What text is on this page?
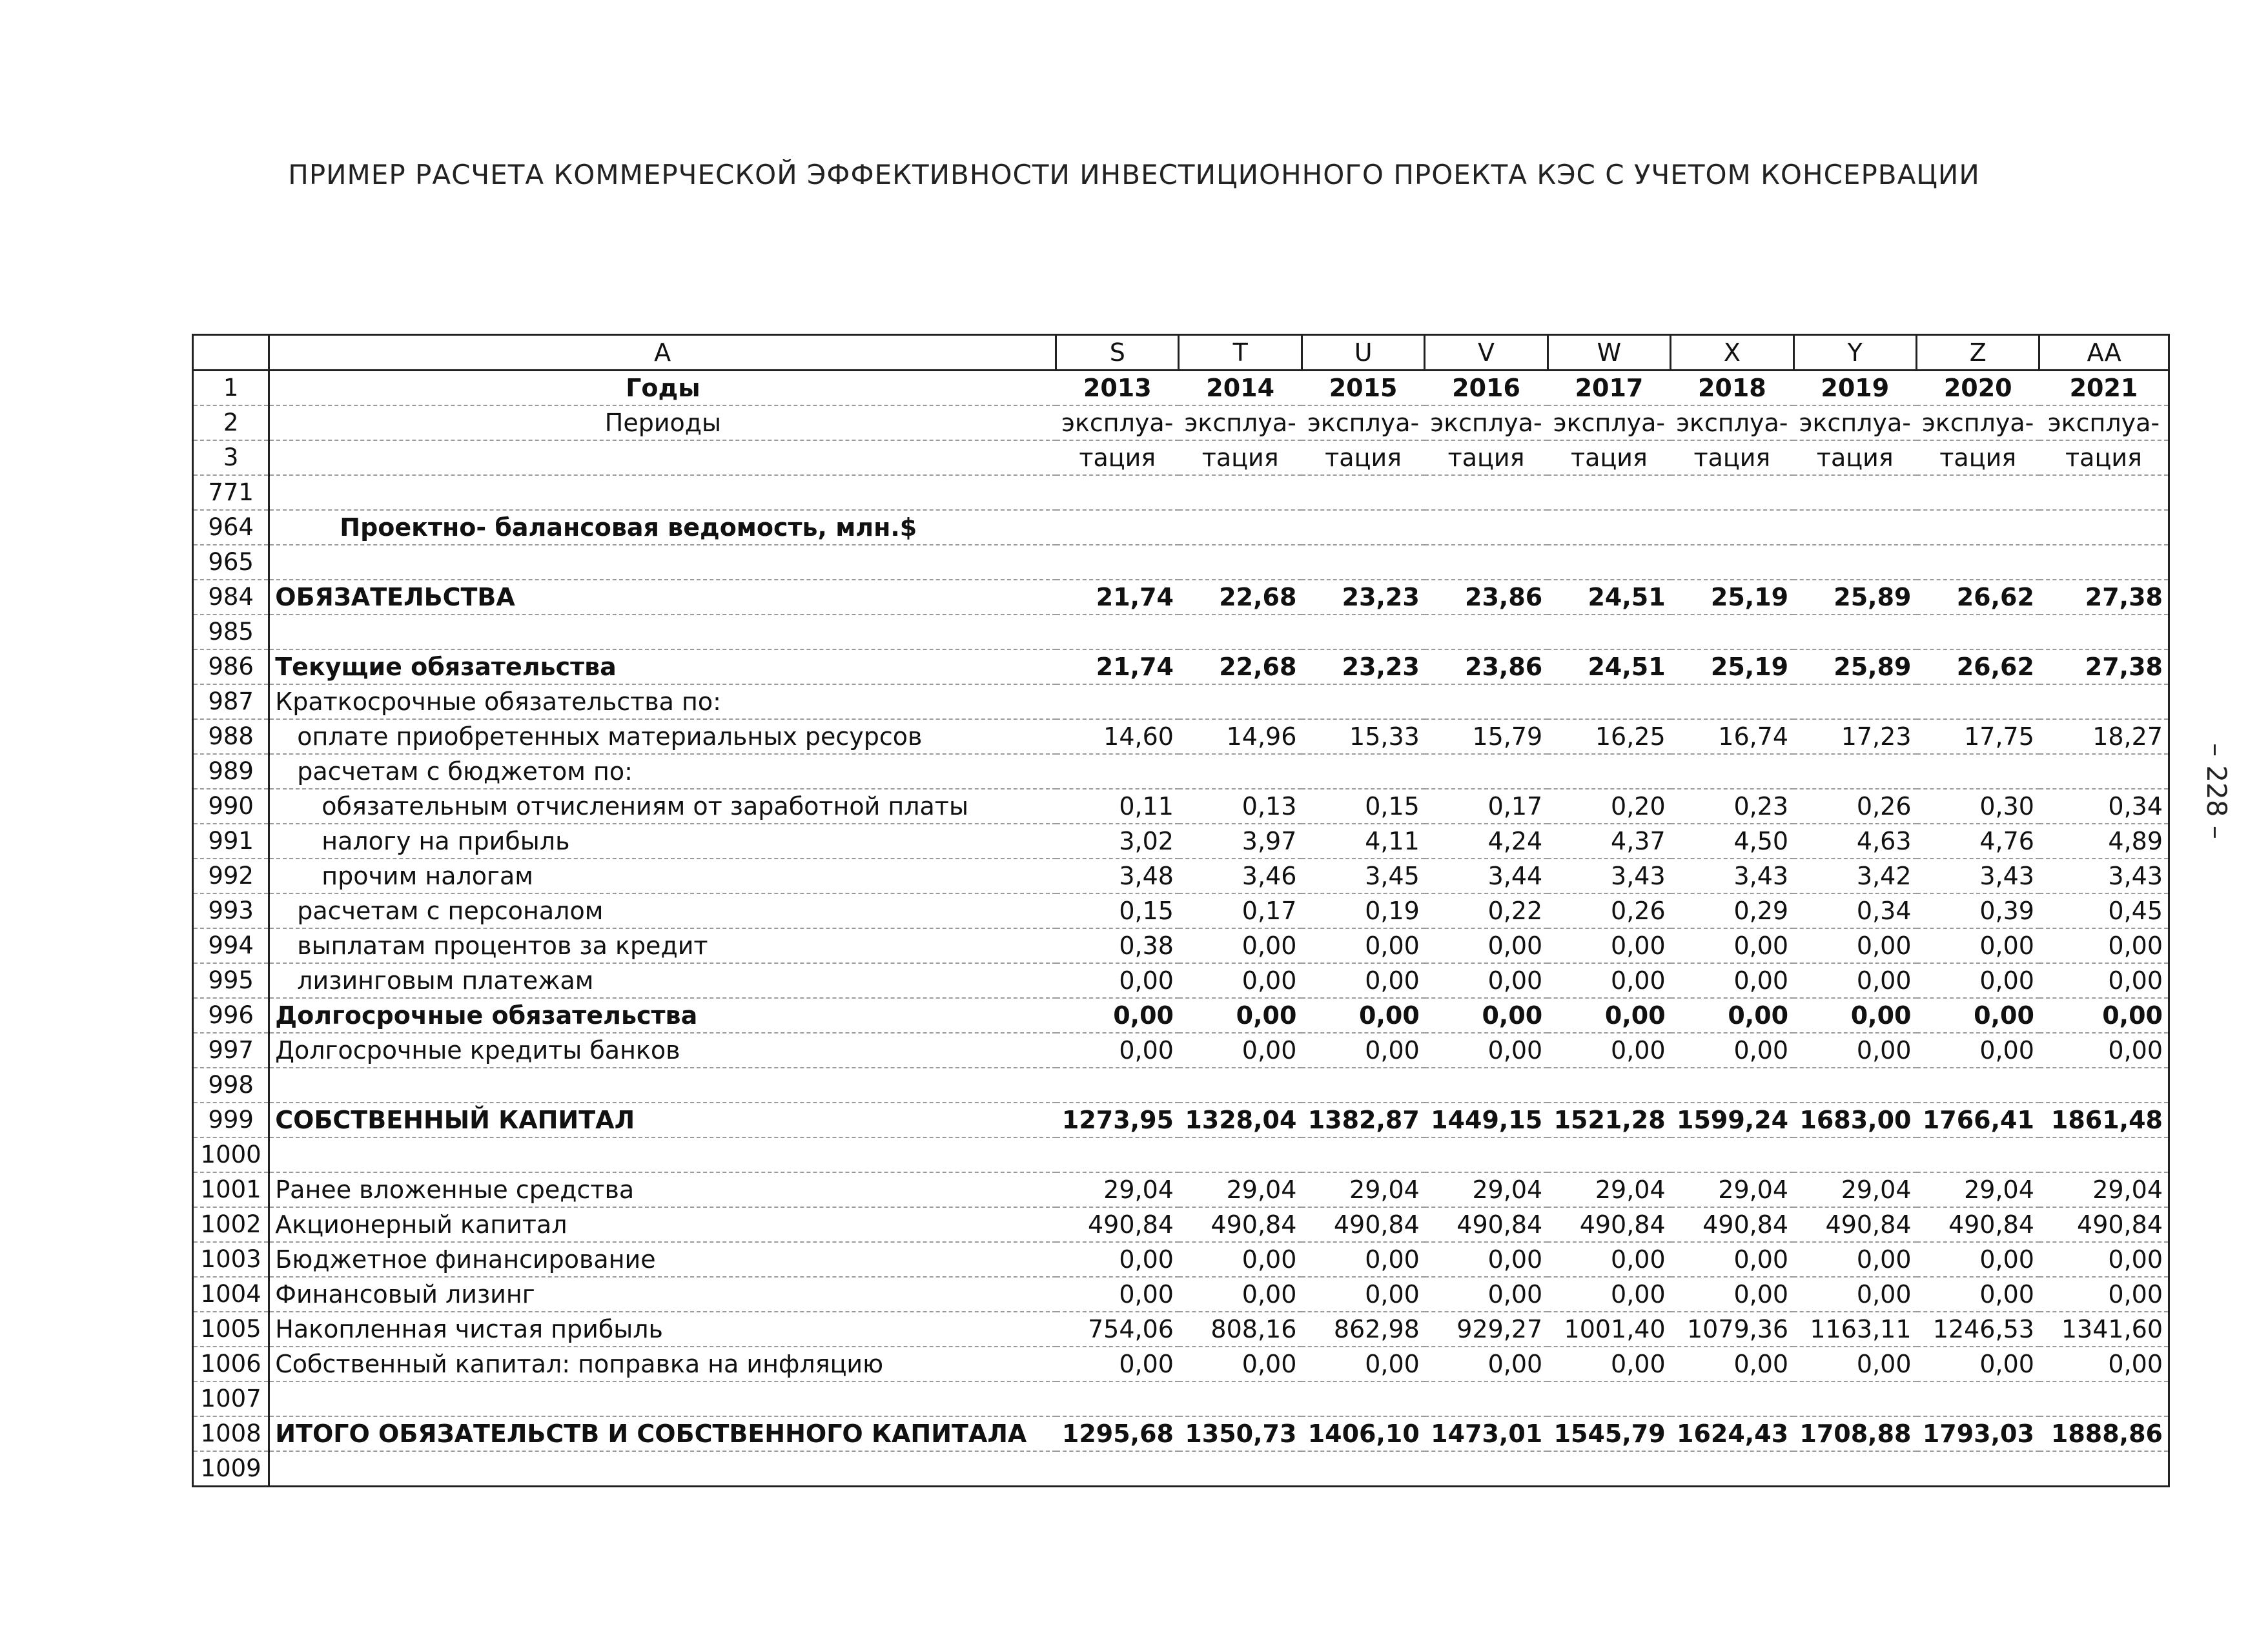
ПРИМЕР РАСЧЕТА КОММЕРЧЕСКОЙ ЭФФЕКТИВНОСТИ ИНВЕСТИЦИОННОГО ПРОЕКТА КЭС С УЧЕТОМ КОНСЕРВАЦИИ
– 228 –
	A	S	T	U	V	W	X	Y	Z	AA
1	Годы	2013	2014	2015	2016	2017	2018	2019	2020	2021
2	Периоды	эксплуа-	эксплуа-	эксплуа-	эксплуа-	эксплуа-	эксплуа-	эксплуа-	эксплуа-	эксплуа-
3		тация	тация	тация	тация	тация	тация	тация	тация	тация
771										
964	Проектно- балансовая ведомость, млн.$									
965										
984	ОБЯЗАТЕЛЬСТВА	21,74	22,68	23,23	23,86	24,51	25,19	25,89	26,62	27,38
985										
986	Текущие обязательства	21,74	22,68	23,23	23,86	24,51	25,19	25,89	26,62	27,38
987	Краткосрочные обязательства по:									
988	оплате приобретенных материальных ресурсов	14,60	14,96	15,33	15,79	16,25	16,74	17,23	17,75	18,27
989	расчетам с бюджетом по:									
990	обязательным отчислениям от заработной платы	0,11	0,13	0,15	0,17	0,20	0,23	0,26	0,30	0,34
991	налогу на прибыль	3,02	3,97	4,11	4,24	4,37	4,50	4,63	4,76	4,89
992	прочим налогам	3,48	3,46	3,45	3,44	3,43	3,43	3,42	3,43	3,43
993	расчетам с персоналом	0,15	0,17	0,19	0,22	0,26	0,29	0,34	0,39	0,45
994	выплатам процентов за кредит	0,38	0,00	0,00	0,00	0,00	0,00	0,00	0,00	0,00
995	лизинговым платежам	0,00	0,00	0,00	0,00	0,00	0,00	0,00	0,00	0,00
996	Долгосрочные обязательства	0,00	0,00	0,00	0,00	0,00	0,00	0,00	0,00	0,00
997	Долгосрочные кредиты банков	0,00	0,00	0,00	0,00	0,00	0,00	0,00	0,00	0,00
998										
999	СОБСТВЕННЫЙ КАПИТАЛ	1273,95	1328,04	1382,87	1449,15	1521,28	1599,24	1683,00	1766,41	1861,48
1000										
1001	Ранее вложенные средства	29,04	29,04	29,04	29,04	29,04	29,04	29,04	29,04	29,04
1002	Акционерный капитал	490,84	490,84	490,84	490,84	490,84	490,84	490,84	490,84	490,84
1003	Бюджетное финансирование	0,00	0,00	0,00	0,00	0,00	0,00	0,00	0,00	0,00
1004	Финансовый лизинг	0,00	0,00	0,00	0,00	0,00	0,00	0,00	0,00	0,00
1005	Накопленная чистая прибыль	754,06	808,16	862,98	929,27	1001,40	1079,36	1163,11	1246,53	1341,60
1006	Собственный капитал: поправка на инфляцию	0,00	0,00	0,00	0,00	0,00	0,00	0,00	0,00	0,00
1007										
1008	ИТОГО ОБЯЗАТЕЛЬСТВ И СОБСТВЕННОГО КАПИТАЛА	1295,68	1350,73	1406,10	1473,01	1545,79	1624,43	1708,88	1793,03	1888,86
1009										
